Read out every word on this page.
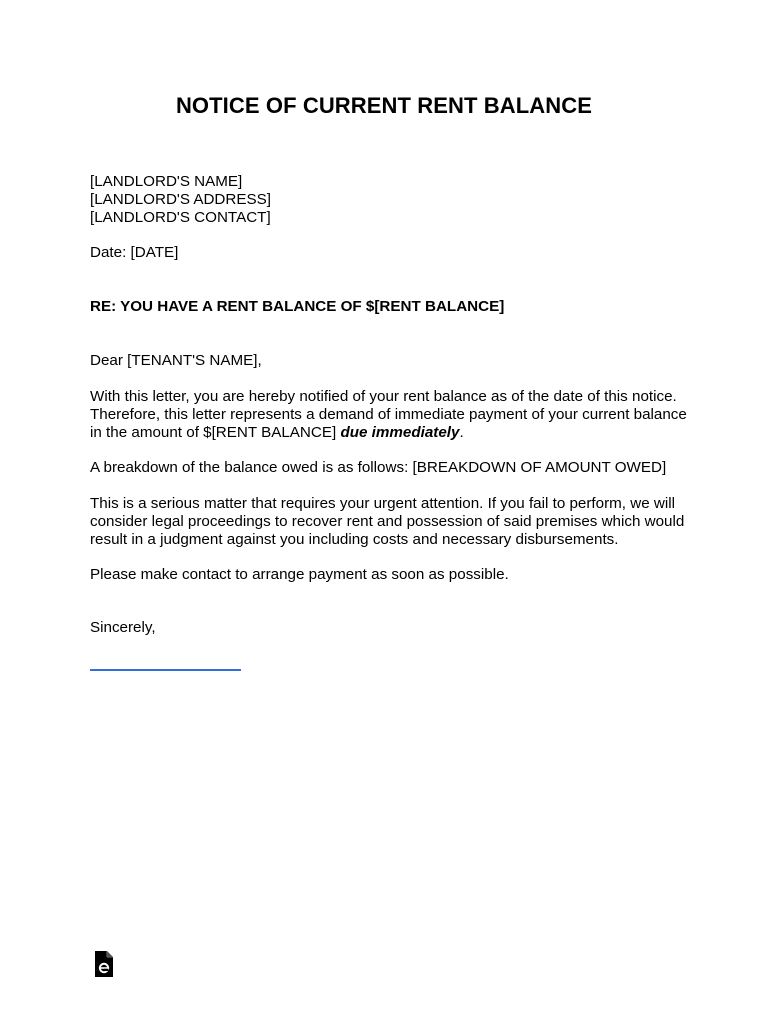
NOTICE OF CURRENT RENT BALANCE
[LANDLORD'S NAME]
[LANDLORD'S ADDRESS]
[LANDLORD'S CONTACT]
Date: [DATE]
RE: YOU HAVE A RENT BALANCE OF $[RENT BALANCE]
Dear [TENANT'S NAME],
With this letter, you are hereby notified of your rent balance as of the date of this notice. Therefore, this letter represents a demand of immediate payment of your current balance in the amount of $[RENT BALANCE] due immediately.
A breakdown of the balance owed is as follows: [BREAKDOWN OF AMOUNT OWED]
This is a serious matter that requires your urgent attention. If you fail to perform, we will consider legal proceedings to recover rent and possession of said premises which would result in a judgment against you including costs and necessary disbursements.
Please make contact to arrange payment as soon as possible.
Sincerely,
